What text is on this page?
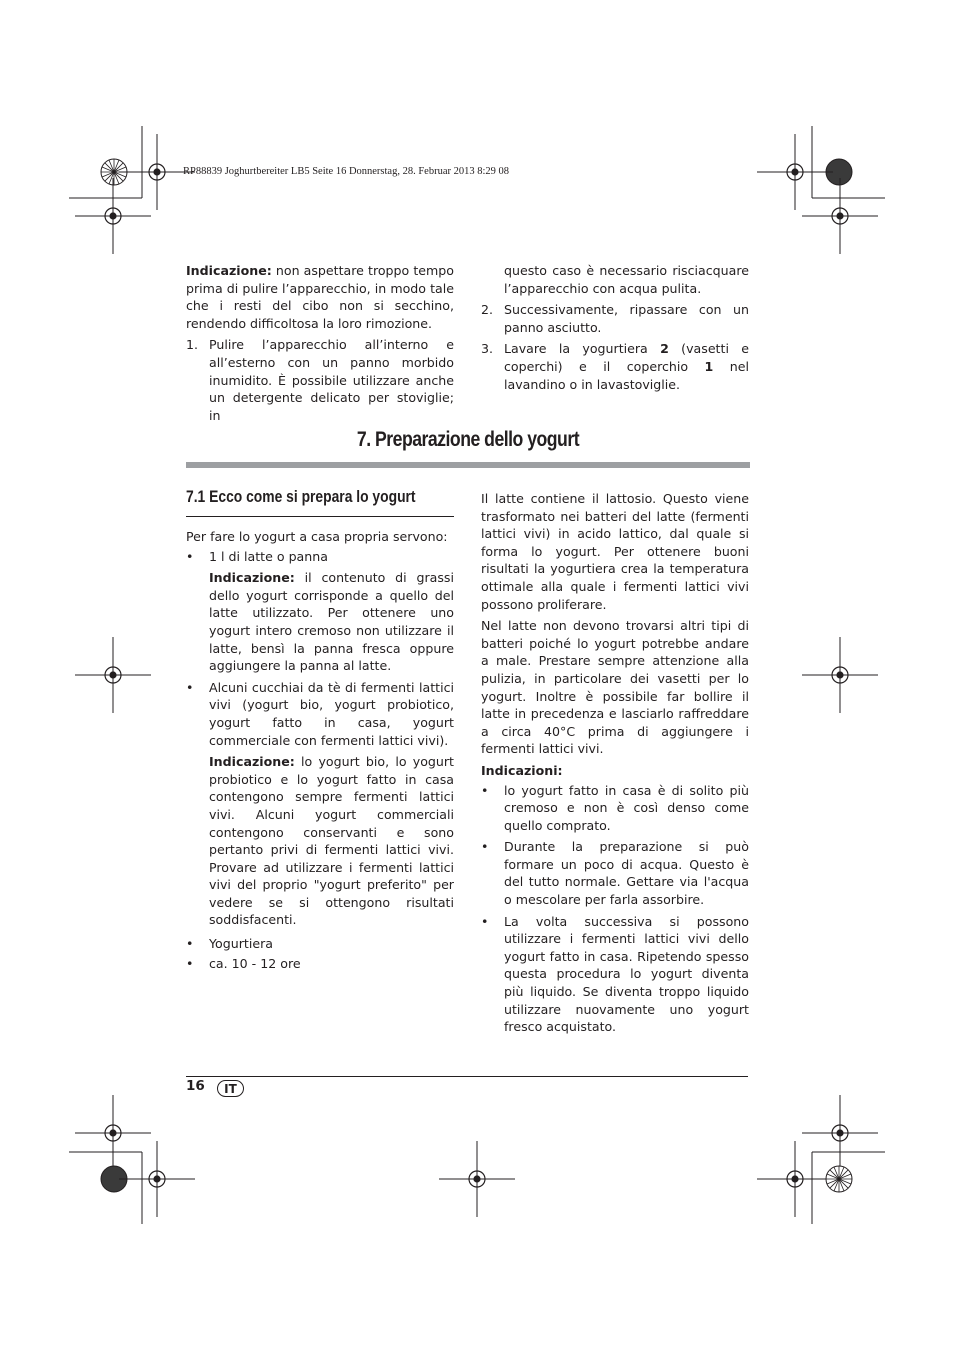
RP88839 Joghurtbereiter LB5 Seite 16 Donnerstag, 28. Februar 2013 8:29 08

Indicazione: non aspettare troppo tempo prima di pulire l’apparecchio, in modo tale che i resti del cibo non si secchino, rendendo difficoltosa la loro rimozione.

1. Pulire l’apparecchio all’interno e all’esterno con un panno morbido inumidito. È possibile utilizzare anche un detergente delicato per stoviglie; in

questo caso è necessario risciacquare l’apparecchio con acqua pulita.

2. Successivamente, ripassare con un panno asciutto.

3. Lavare la yogurtiera 2 (vasetti e coperchi) e il coperchio 1 nel lavandino o in lavastoviglie.

7. Preparazione dello yogurt
7.1 Ecco come si prepara lo yogurt

Per fare lo yogurt a casa propria servono:

• 1 l di latte o panna

Indicazione: il contenuto di grassi dello yogurt corrisponde a quello del latte utilizzato. Per ottenere uno yogurt intero cremoso non utilizzare il latte, bensì la panna fresca oppure aggiungere la panna al latte.

• Alcuni cucchiai da tè di fermenti lattici vivi (yogurt bio, yogurt probiotico, yogurt fatto in casa, yogurt commerciale con fermenti lattici vivi).

Indicazione: lo yogurt bio, lo yogurt probiotico e lo yogurt fatto in casa contengono sempre fermenti lattici vivi. Alcuni yogurt commerciali contengono conservanti e sono pertanto privi di fermenti lattici vivi. Provare ad utilizzare i fermenti lattici vivi del proprio "yogurt preferito" per vedere se si ottengono risultati soddisfacenti.

• Yogurtiera

• ca. 10 - 12 ore

Il latte contiene il lattosio. Questo viene trasformato nei batteri del latte (fermenti lattici vivi) in acido lattico, dal quale si forma lo yogurt. Per ottenere buoni risultati la yogurtiera crea la temperatura ottimale alla quale i fermenti lattici vivi possono proliferare.

Nel latte non devono trovarsi altri tipi di batteri poiché lo yogurt potrebbe andare a male. Prestare sempre attenzione alla pulizia, in particolare dei vasetti per lo yogurt. Inoltre è possibile far bollire il latte in precedenza e lasciarlo raffreddare a circa 40°C prima di aggiungere i fermenti lattici vivi.

Indicazioni:

• lo yogurt fatto in casa è di solito più cremoso e non è così denso come quello comprato.

• Durante la preparazione si può formare un poco di acqua. Questo è del tutto normale. Gettare via l'acqua o mescolare per farla assorbire.

• La volta successiva si possono utilizzare i fermenti lattici vivi dello yogurt fatto in casa. Ripetendo spesso questa procedura lo yogurt diventa più liquido. Se diventa troppo liquido utilizzare nuovamente uno yogurt fresco acquistato.

16	IT
